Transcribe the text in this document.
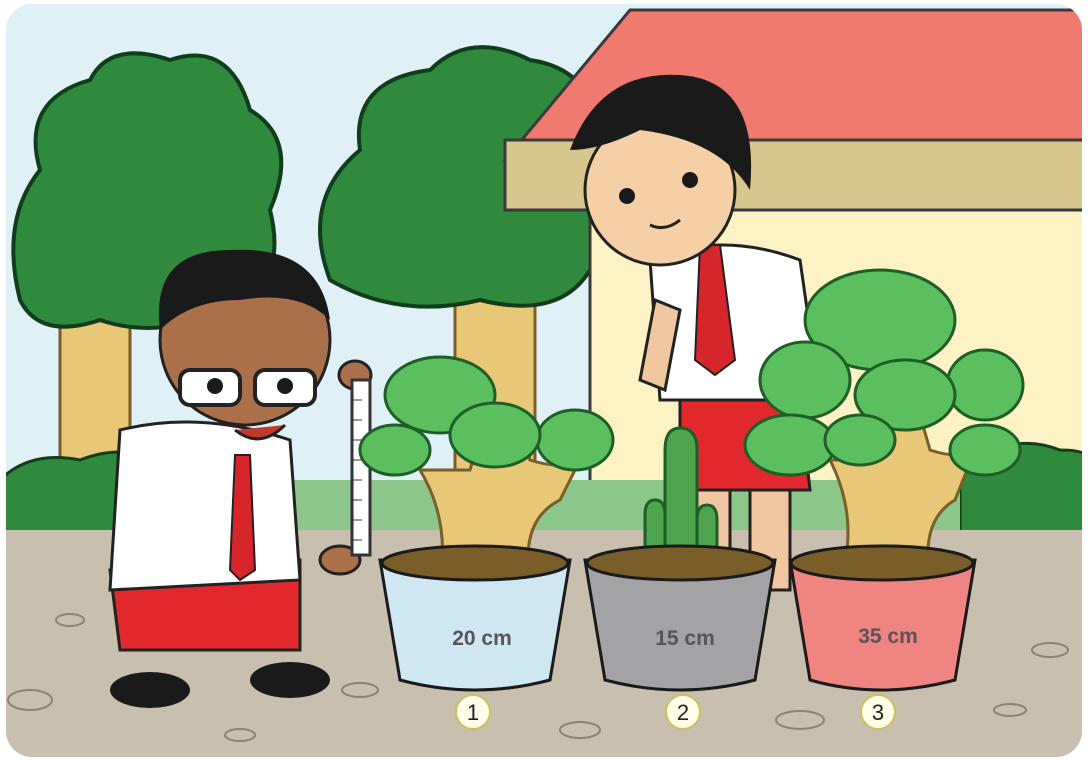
20 cm	15 cm	35 cm
1	2	3
